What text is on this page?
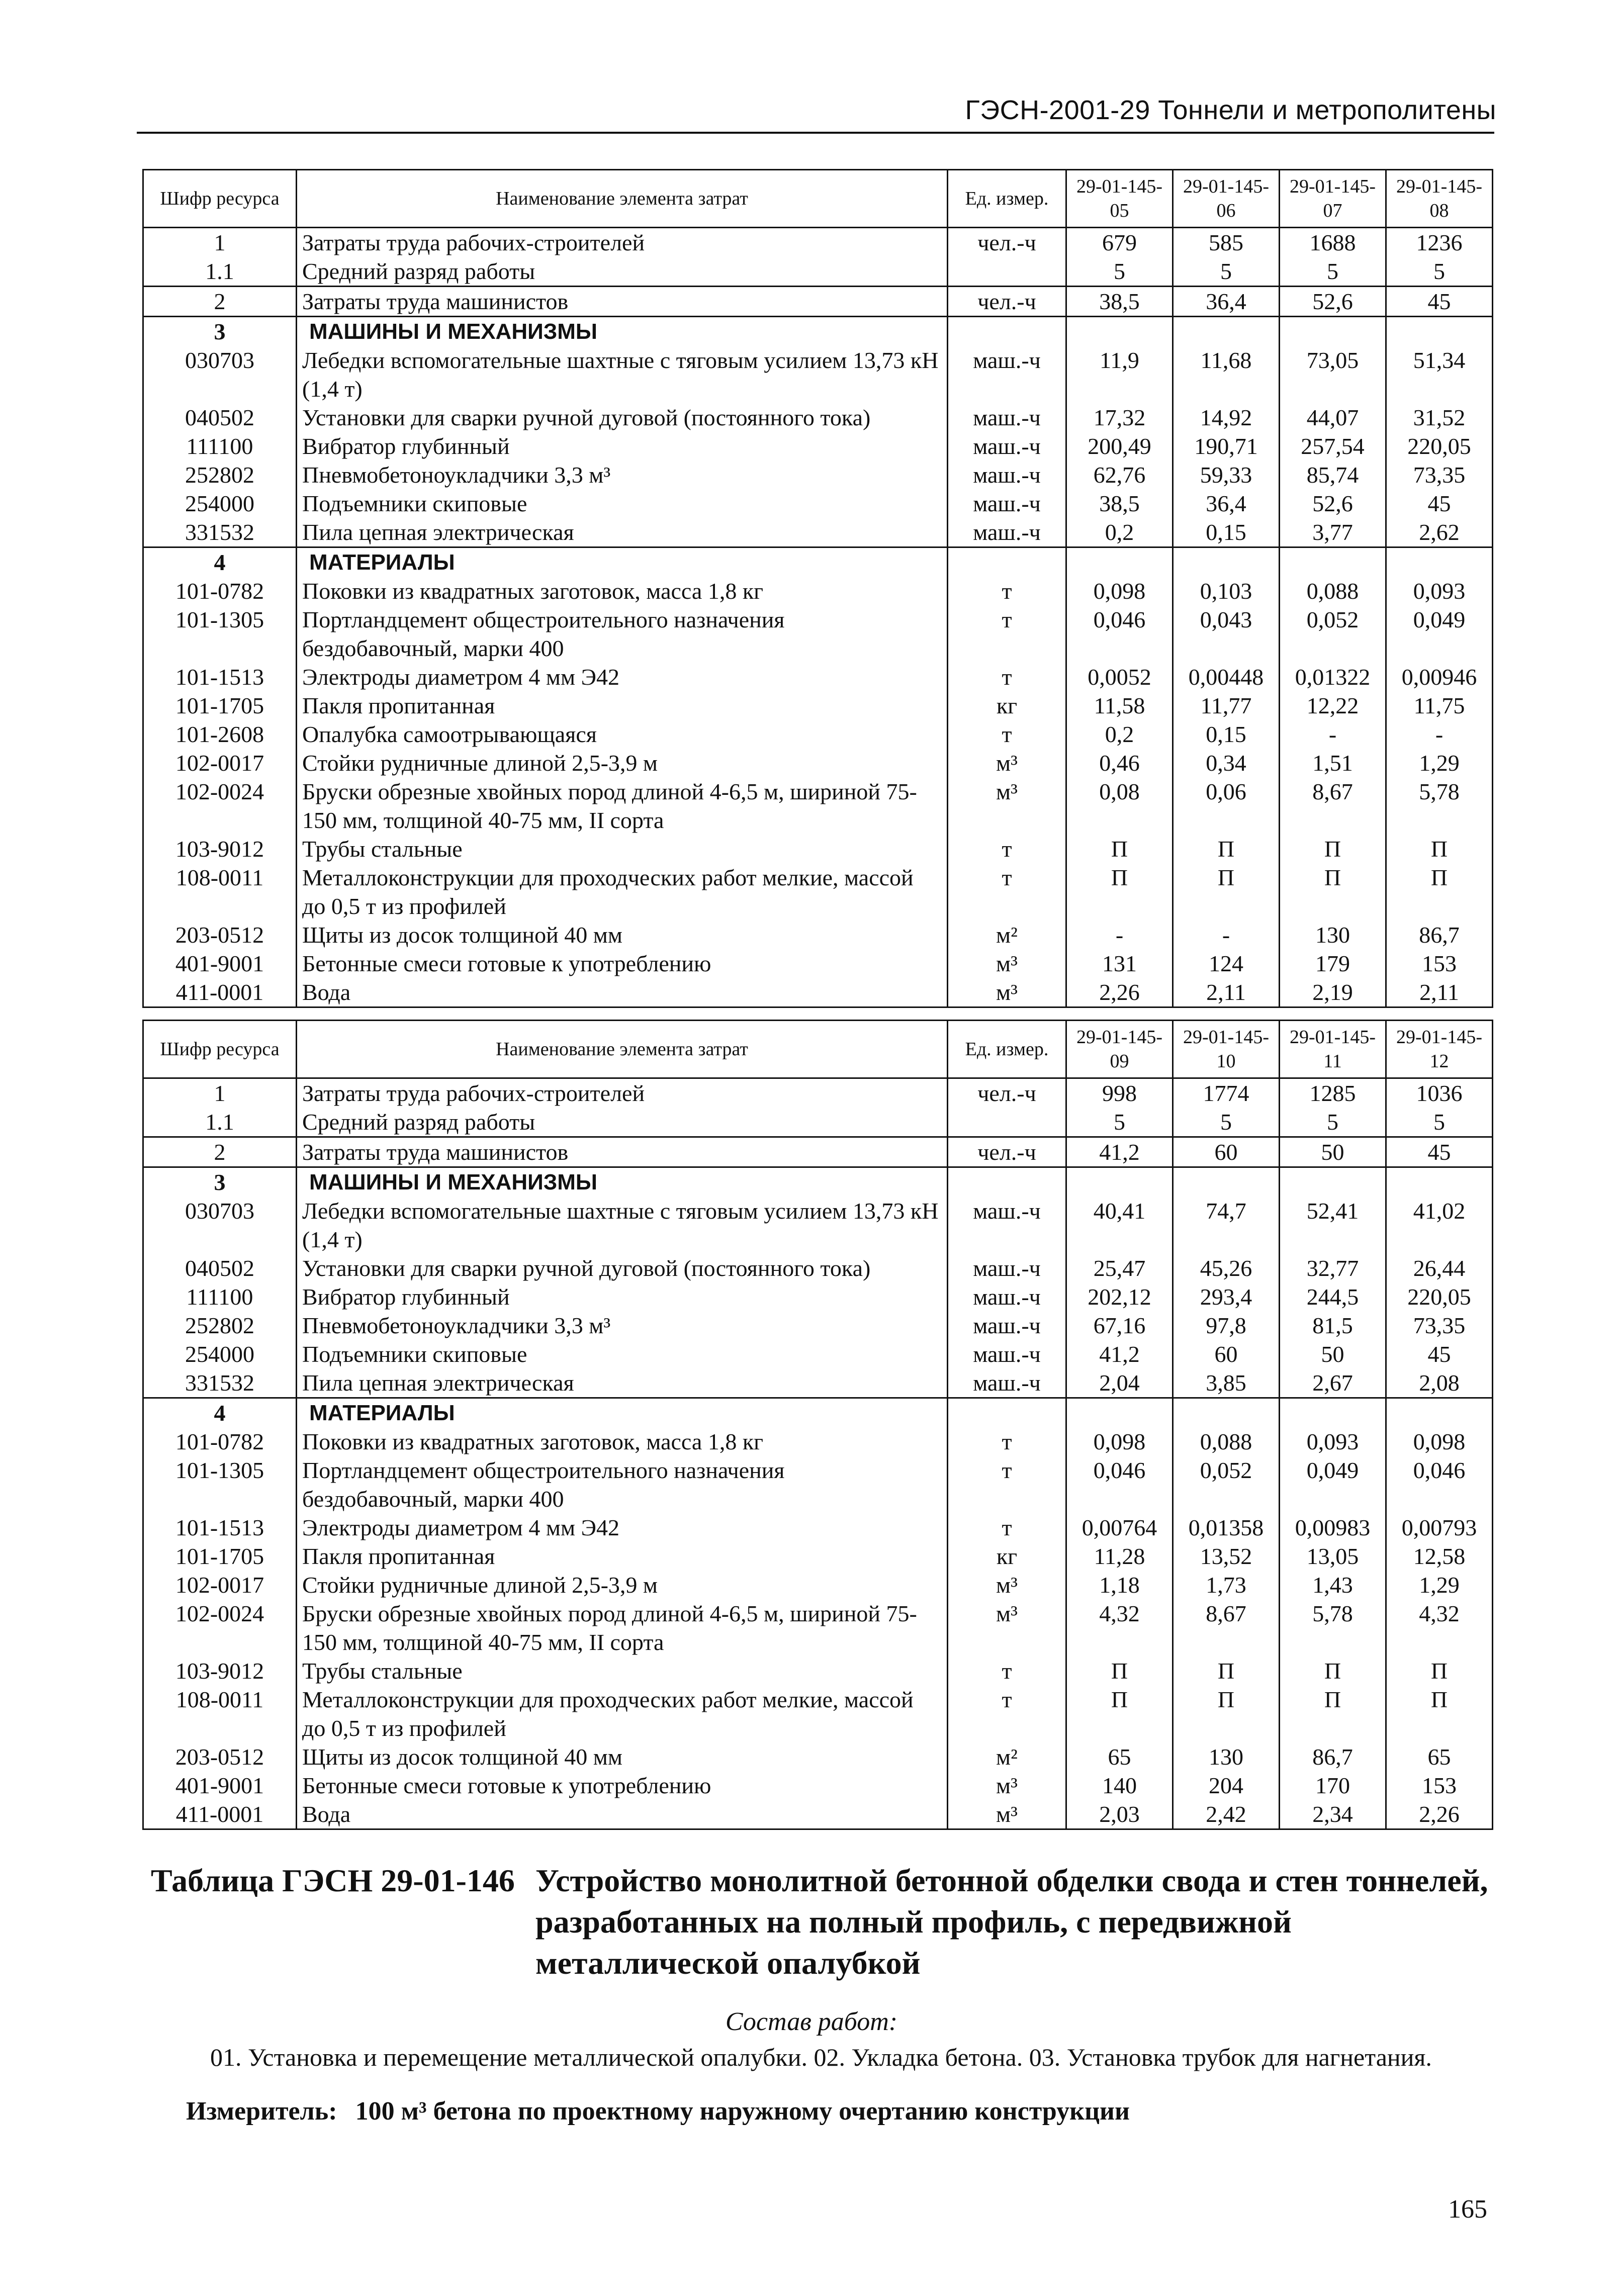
ГЭСН-2001-29 Тоннели и метрополитены
Шифр ресурса	Наименование элемента затрат	Ед. измер.	29-01-145-05	29-01-145-06	29-01-145-07	29-01-145-08
1	Затраты труда рабочих-строителей	чел.-ч	679	585	1688	1236
1.1	Средний разряд работы		5	5	5	5
2	Затраты труда машинистов	чел.-ч	38,5	36,4	52,6	45
3	МАШИНЫ И МЕХАНИЗМЫ					
030703	Лебедки вспомогательные шахтные с тяговым усилием 13,73 кН (1,4 т)	маш.-ч	11,9	11,68	73,05	51,34
040502	Установки для сварки ручной дуговой (постоянного тока)	маш.-ч	17,32	14,92	44,07	31,52
111100	Вибратор глубинный	маш.-ч	200,49	190,71	257,54	220,05
252802	Пневмобетоноукладчики 3,3 м³	маш.-ч	62,76	59,33	85,74	73,35
254000	Подъемники скиповые	маш.-ч	38,5	36,4	52,6	45
331532	Пила цепная электрическая	маш.-ч	0,2	0,15	3,77	2,62
4	МАТЕРИАЛЫ					
101-0782	Поковки из квадратных заготовок, масса 1,8 кг	т	0,098	0,103	0,088	0,093
101-1305	Портландцемент общестроительного назначения бездобавочный, марки 400	т	0,046	0,043	0,052	0,049
101-1513	Электроды диаметром 4 мм Э42	т	0,0052	0,00448	0,01322	0,00946
101-1705	Пакля пропитанная	кг	11,58	11,77	12,22	11,75
101-2608	Опалубка самоотрывающаяся	т	0,2	0,15	-	-
102-0017	Стойки рудничные длиной 2,5-3,9 м	м³	0,46	0,34	1,51	1,29
102-0024	Бруски обрезные хвойных пород длиной 4-6,5 м, шириной 75-150 мм, толщиной 40-75 мм, II сорта	м³	0,08	0,06	8,67	5,78
103-9012	Трубы стальные	т	П	П	П	П
108-0011	Металлоконструкции для проходческих работ мелкие, массой до 0,5 т из профилей	т	П	П	П	П
203-0512	Щиты из досок толщиной 40 мм	м²	-	-	130	86,7
401-9001	Бетонные смеси готовые к употреблению	м³	131	124	179	153
411-0001	Вода	м³	2,26	2,11	2,19	2,11
Шифр ресурса	Наименование элемента затрат	Ед. измер.	29-01-145-09	29-01-145-10	29-01-145-11	29-01-145-12
1	Затраты труда рабочих-строителей	чел.-ч	998	1774	1285	1036
1.1	Средний разряд работы		5	5	5	5
2	Затраты труда машинистов	чел.-ч	41,2	60	50	45
3	МАШИНЫ И МЕХАНИЗМЫ					
030703	Лебедки вспомогательные шахтные с тяговым усилием 13,73 кН (1,4 т)	маш.-ч	40,41	74,7	52,41	41,02
040502	Установки для сварки ручной дуговой (постоянного тока)	маш.-ч	25,47	45,26	32,77	26,44
111100	Вибратор глубинный	маш.-ч	202,12	293,4	244,5	220,05
252802	Пневмобетоноукладчики 3,3 м³	маш.-ч	67,16	97,8	81,5	73,35
254000	Подъемники скиповые	маш.-ч	41,2	60	50	45
331532	Пила цепная электрическая	маш.-ч	2,04	3,85	2,67	2,08
4	МАТЕРИАЛЫ					
101-0782	Поковки из квадратных заготовок, масса 1,8 кг	т	0,098	0,088	0,093	0,098
101-1305	Портландцемент общестроительного назначения бездобавочный, марки 400	т	0,046	0,052	0,049	0,046
101-1513	Электроды диаметром 4 мм Э42	т	0,00764	0,01358	0,00983	0,00793
101-1705	Пакля пропитанная	кг	11,28	13,52	13,05	12,58
102-0017	Стойки рудничные длиной 2,5-3,9 м	м³	1,18	1,73	1,43	1,29
102-0024	Бруски обрезные хвойных пород длиной 4-6,5 м, шириной 75-150 мм, толщиной 40-75 мм, II сорта	м³	4,32	8,67	5,78	4,32
103-9012	Трубы стальные	т	П	П	П	П
108-0011	Металлоконструкции для проходческих работ мелкие, массой до 0,5 т из профилей	т	П	П	П	П
203-0512	Щиты из досок толщиной 40 мм	м²	65	130	86,7	65
401-9001	Бетонные смеси готовые к употреблению	м³	140	204	170	153
411-0001	Вода	м³	2,03	2,42	2,34	2,26
Таблица ГЭСН 29-01-146 Устройство монолитной бетонной обделки свода и стен тоннелей, разработанных на полный профиль, с передвижной металлической опалубкой
Состав работ:
01. Установка и перемещение металлической опалубки. 02. Укладка бетона. 03. Установка трубок для нагнетания.
Измеритель: 100 м³ бетона по проектному наружному очертанию конструкции
165
